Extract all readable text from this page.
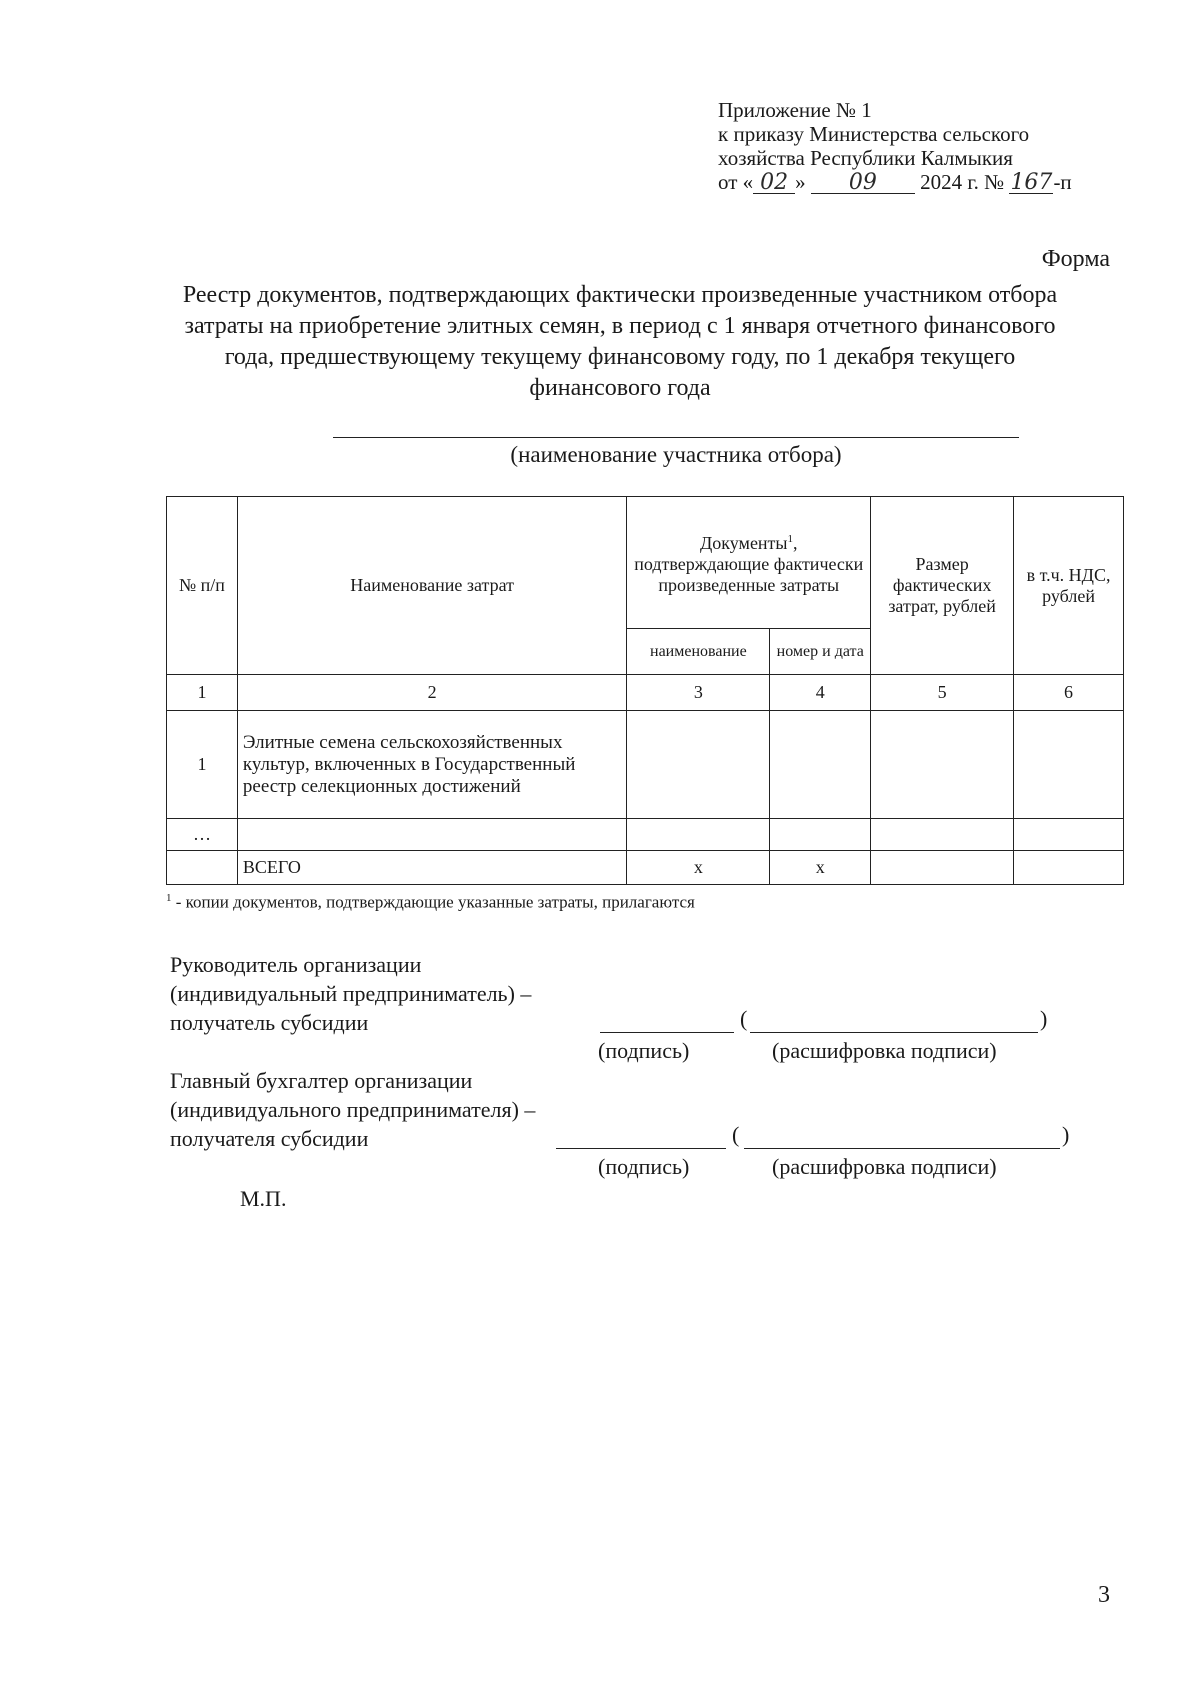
Приложение № 1
к приказу Министерства сельского
хозяйства Республики Калмыкия
от « 02 » 09 2024 г. № 167-п
Форма
Реестр документов, подтверждающих фактически произведенные участником отбора затраты на приобретение элитных семян, в период с 1 января отчетного финансового года, предшествующему текущему финансовому году, по 1 декабря текущего финансового года
(наименование участника отбора)
№ п/п	Наименование затрат	Документы$^1$, подтверждающие фактически произведенные затраты		Размер фактических затрат, рублей	в т.ч. НДС, рублей
		наименование	номер и дата		
1	2	3	4	5	6
1	Элитные семена сельскохозяйственных культур, включенных в Государственный реестр селекционных достижений				
…					
	ВСЕГО	х	х		
$^1$ - копии документов, подтверждающие указанные затраты, прилагаются
Руководитель организации
(индивидуальный предприниматель) –
получатель субсидии	(	)
(подпись)	(расшифровка подписи)
Главный бухгалтер организации
(индивидуального предпринимателя) –
получателя субсидии	(	)
(подпись)	(расшифровка подписи)
М.П.
3
